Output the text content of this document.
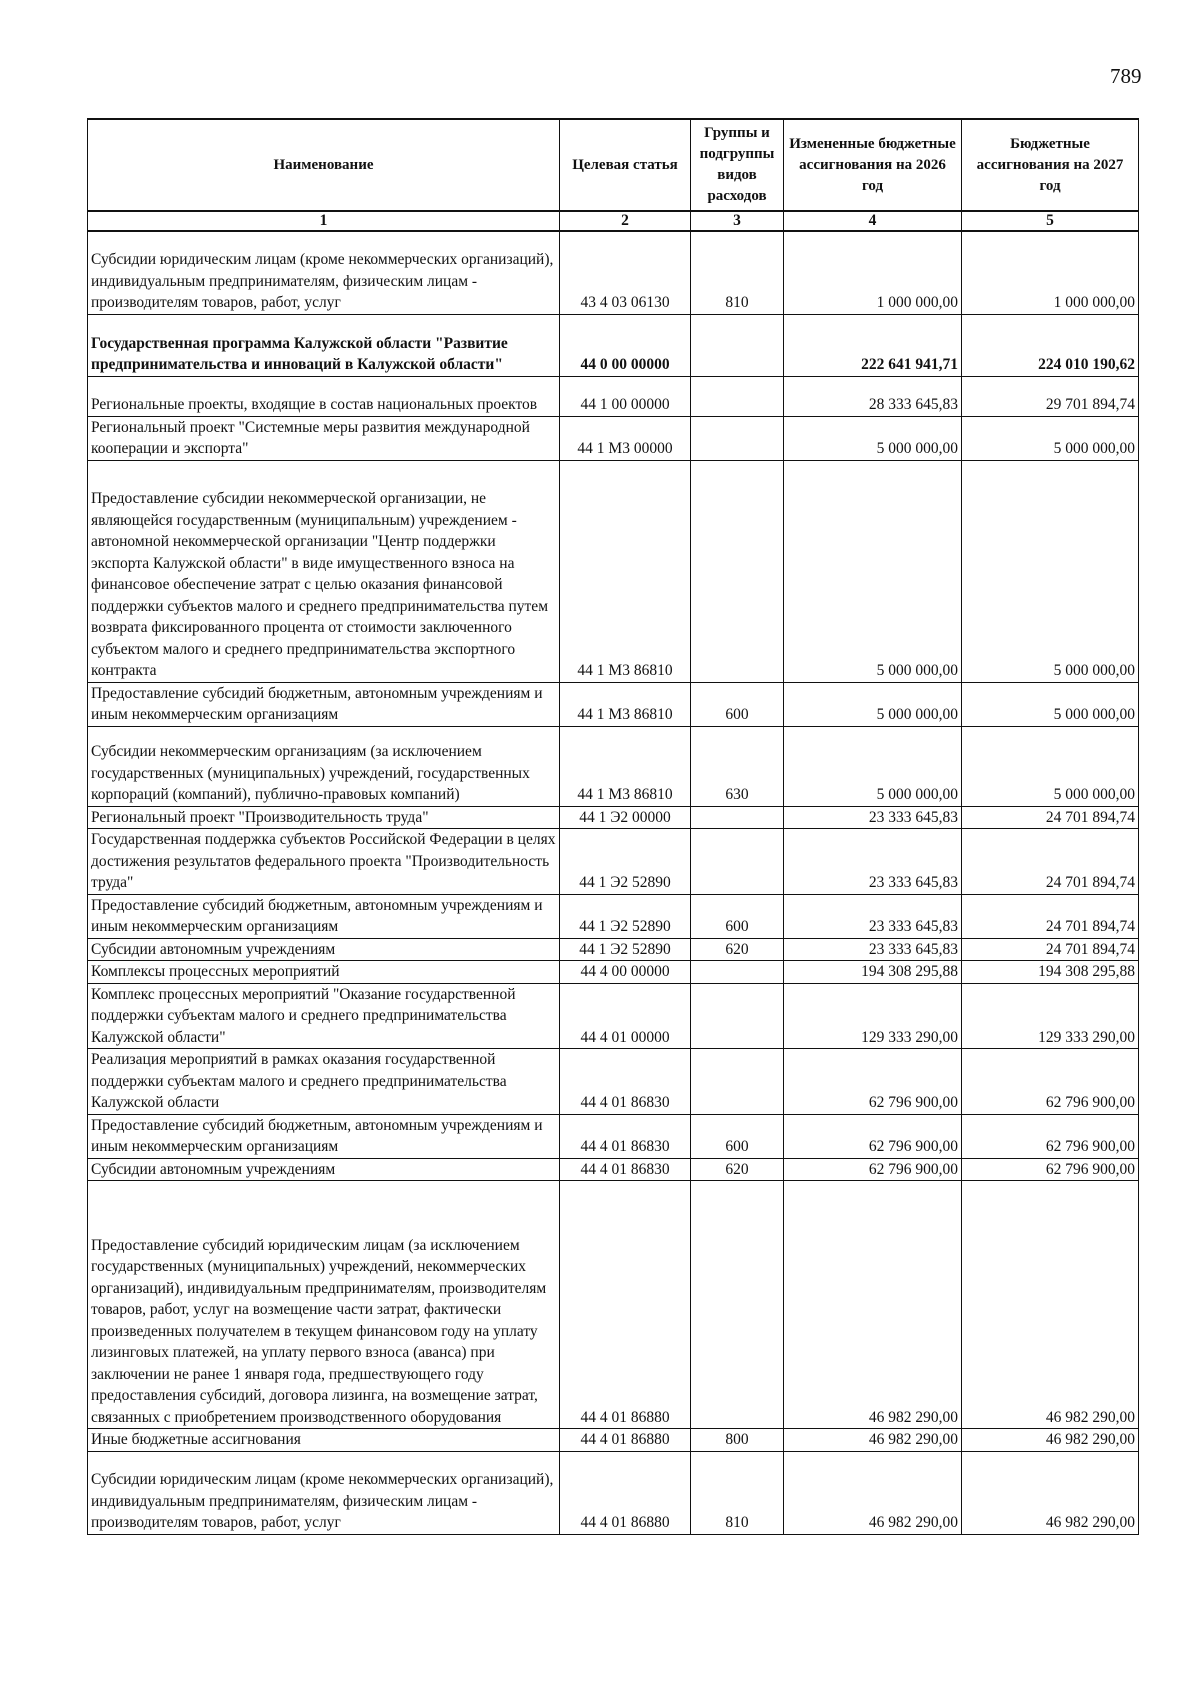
789
Наименование	Целевая статья	Группы и подгруппы видов расходов	Измененные бюджетные ассигнования на 2026 год	Бюджетные ассигнования на 2027 год
1	2	3	4	5
Субсидии юридическим лицам (кроме некоммерческих организаций), индивидуальным предпринимателям, физическим лицам - производителям товаров, работ, услуг	43 4 03 06130	810	1 000 000,00	1 000 000,00
Государственная программа Калужской области "Развитие предпринимательства и инноваций в Калужской области"	44 0 00 00000		222 641 941,71	224 010 190,62
Региональные проекты, входящие в состав национальных проектов	44 1 00 00000		28 333 645,83	29 701 894,74
Региональный проект "Системные меры развития международной кооперации и экспорта"	44 1 М3 00000		5 000 000,00	5 000 000,00
Предоставление субсидии некоммерческой организации, не являющейся государственным (муниципальным) учреждением - автономной некоммерческой организации "Центр поддержки экспорта Калужской области" в виде имущественного взноса на финансовое обеспечение затрат с целью оказания финансовой поддержки субъектов малого и среднего предпринимательства путем возврата фиксированного процента от стоимости заключенного субъектом малого и среднего предпринимательства экспортного контракта	44 1 М3 86810		5 000 000,00	5 000 000,00
Предоставление субсидий бюджетным, автономным учреждениям и иным некоммерческим организациям	44 1 М3 86810	600	5 000 000,00	5 000 000,00
Субсидии некоммерческим организациям (за исключением государственных (муниципальных) учреждений, государственных корпораций (компаний), публично-правовых компаний)	44 1 М3 86810	630	5 000 000,00	5 000 000,00
Региональный проект "Производительность труда"	44 1 Э2 00000		23 333 645,83	24 701 894,74
Государственная поддержка субъектов Российской Федерации в целях достижения результатов федерального проекта "Производительность труда"	44 1 Э2 52890		23 333 645,83	24 701 894,74
Предоставление субсидий бюджетным, автономным учреждениям и иным некоммерческим организациям	44 1 Э2 52890	600	23 333 645,83	24 701 894,74
Субсидии автономным учреждениям	44 1 Э2 52890	620	23 333 645,83	24 701 894,74
Комплексы процессных мероприятий	44 4 00 00000		194 308 295,88	194 308 295,88
Комплекс процессных мероприятий "Оказание государственной поддержки субъектам малого и среднего предпринимательства Калужской области"	44 4 01 00000		129 333 290,00	129 333 290,00
Реализация мероприятий в рамках оказания государственной поддержки субъектам малого и среднего предпринимательства Калужской области	44 4 01 86830		62 796 900,00	62 796 900,00
Предоставление субсидий бюджетным, автономным учреждениям и иным некоммерческим организациям	44 4 01 86830	600	62 796 900,00	62 796 900,00
Субсидии автономным учреждениям	44 4 01 86830	620	62 796 900,00	62 796 900,00
Предоставление субсидий юридическим лицам (за исключением государственных (муниципальных) учреждений, некоммерческих организаций), индивидуальным предпринимателям, производителям товаров, работ, услуг на возмещение части затрат, фактически произведенных получателем в текущем финансовом году на уплату лизинговых платежей, на уплату первого взноса (аванса) при заключении не ранее 1 января года, предшествующего году предоставления субсидий, договора лизинга, на возмещение затрат, связанных с приобретением производственного оборудования	44 4 01 86880		46 982 290,00	46 982 290,00
Иные бюджетные ассигнования	44 4 01 86880	800	46 982 290,00	46 982 290,00
Субсидии юридическим лицам (кроме некоммерческих организаций), индивидуальным предпринимателям, физическим лицам - производителям товаров, работ, услуг	44 4 01 86880	810	46 982 290,00	46 982 290,00
